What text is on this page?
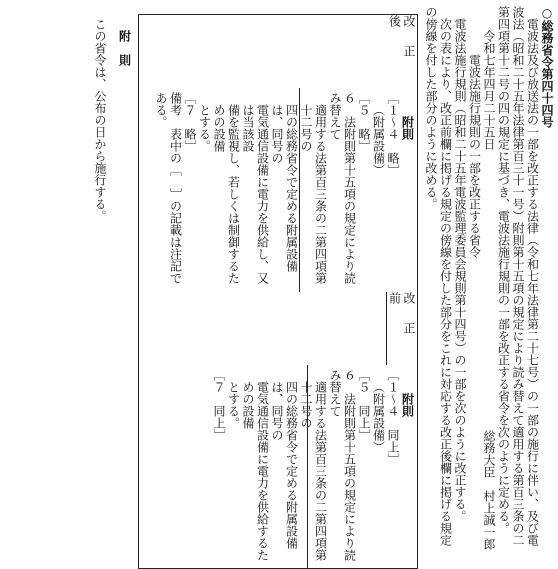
○総務省令第四十四号

　電波法及び放送法の一部を改正する法律（令和七年法律第二十七号）の一部の施行に伴い、及び電

波法（昭和二十五年法律第百三十一号）附則第十五項の規定により読み替えて適用する第百三条の二

第四項第十二号の四の規定に基づき、電波法施行規則の一部を改正する省令を次のように定める。

令和七年四月二十五日
総務大臣　村上誠一郎

電波法施行規則の一部を改正する省令

　電波法施行規則（昭和二十五年電波監理委員会規則第十四号）の一部を次のように改正する。

　次の表により、改正前欄に掲げる規定の傍線を付した部分をこれに対応する改正後欄に掲げる規定

の傍線を付した部分のように改める。

改正後

附則

［１～４　略］

（附属設備）

［５　略］

６　法附則第十五項の規定により読み替えて

適用する法第百三条の二第四項第十二号の

四の総務省令で定める附属設備は、同号の

電気通信設備に電力を供給し、又は当該設

備を監視し、若しくは制御するための設備

とする。

［７　略］

備考　表中の［　］の記載は注記である。

改正前

附則

［１～４　同上］

（附属設備）

［５　同上］

６　法附則第十五項の規定により読み替えて

適用する法第百三条の二第四項第十二号の

四の総務省令で定める附属設備は、同号の

電気通信設備に電力を供給するための設備

とする。

［７　同上］

附　則

　この省令は、公布の日から施行する。
